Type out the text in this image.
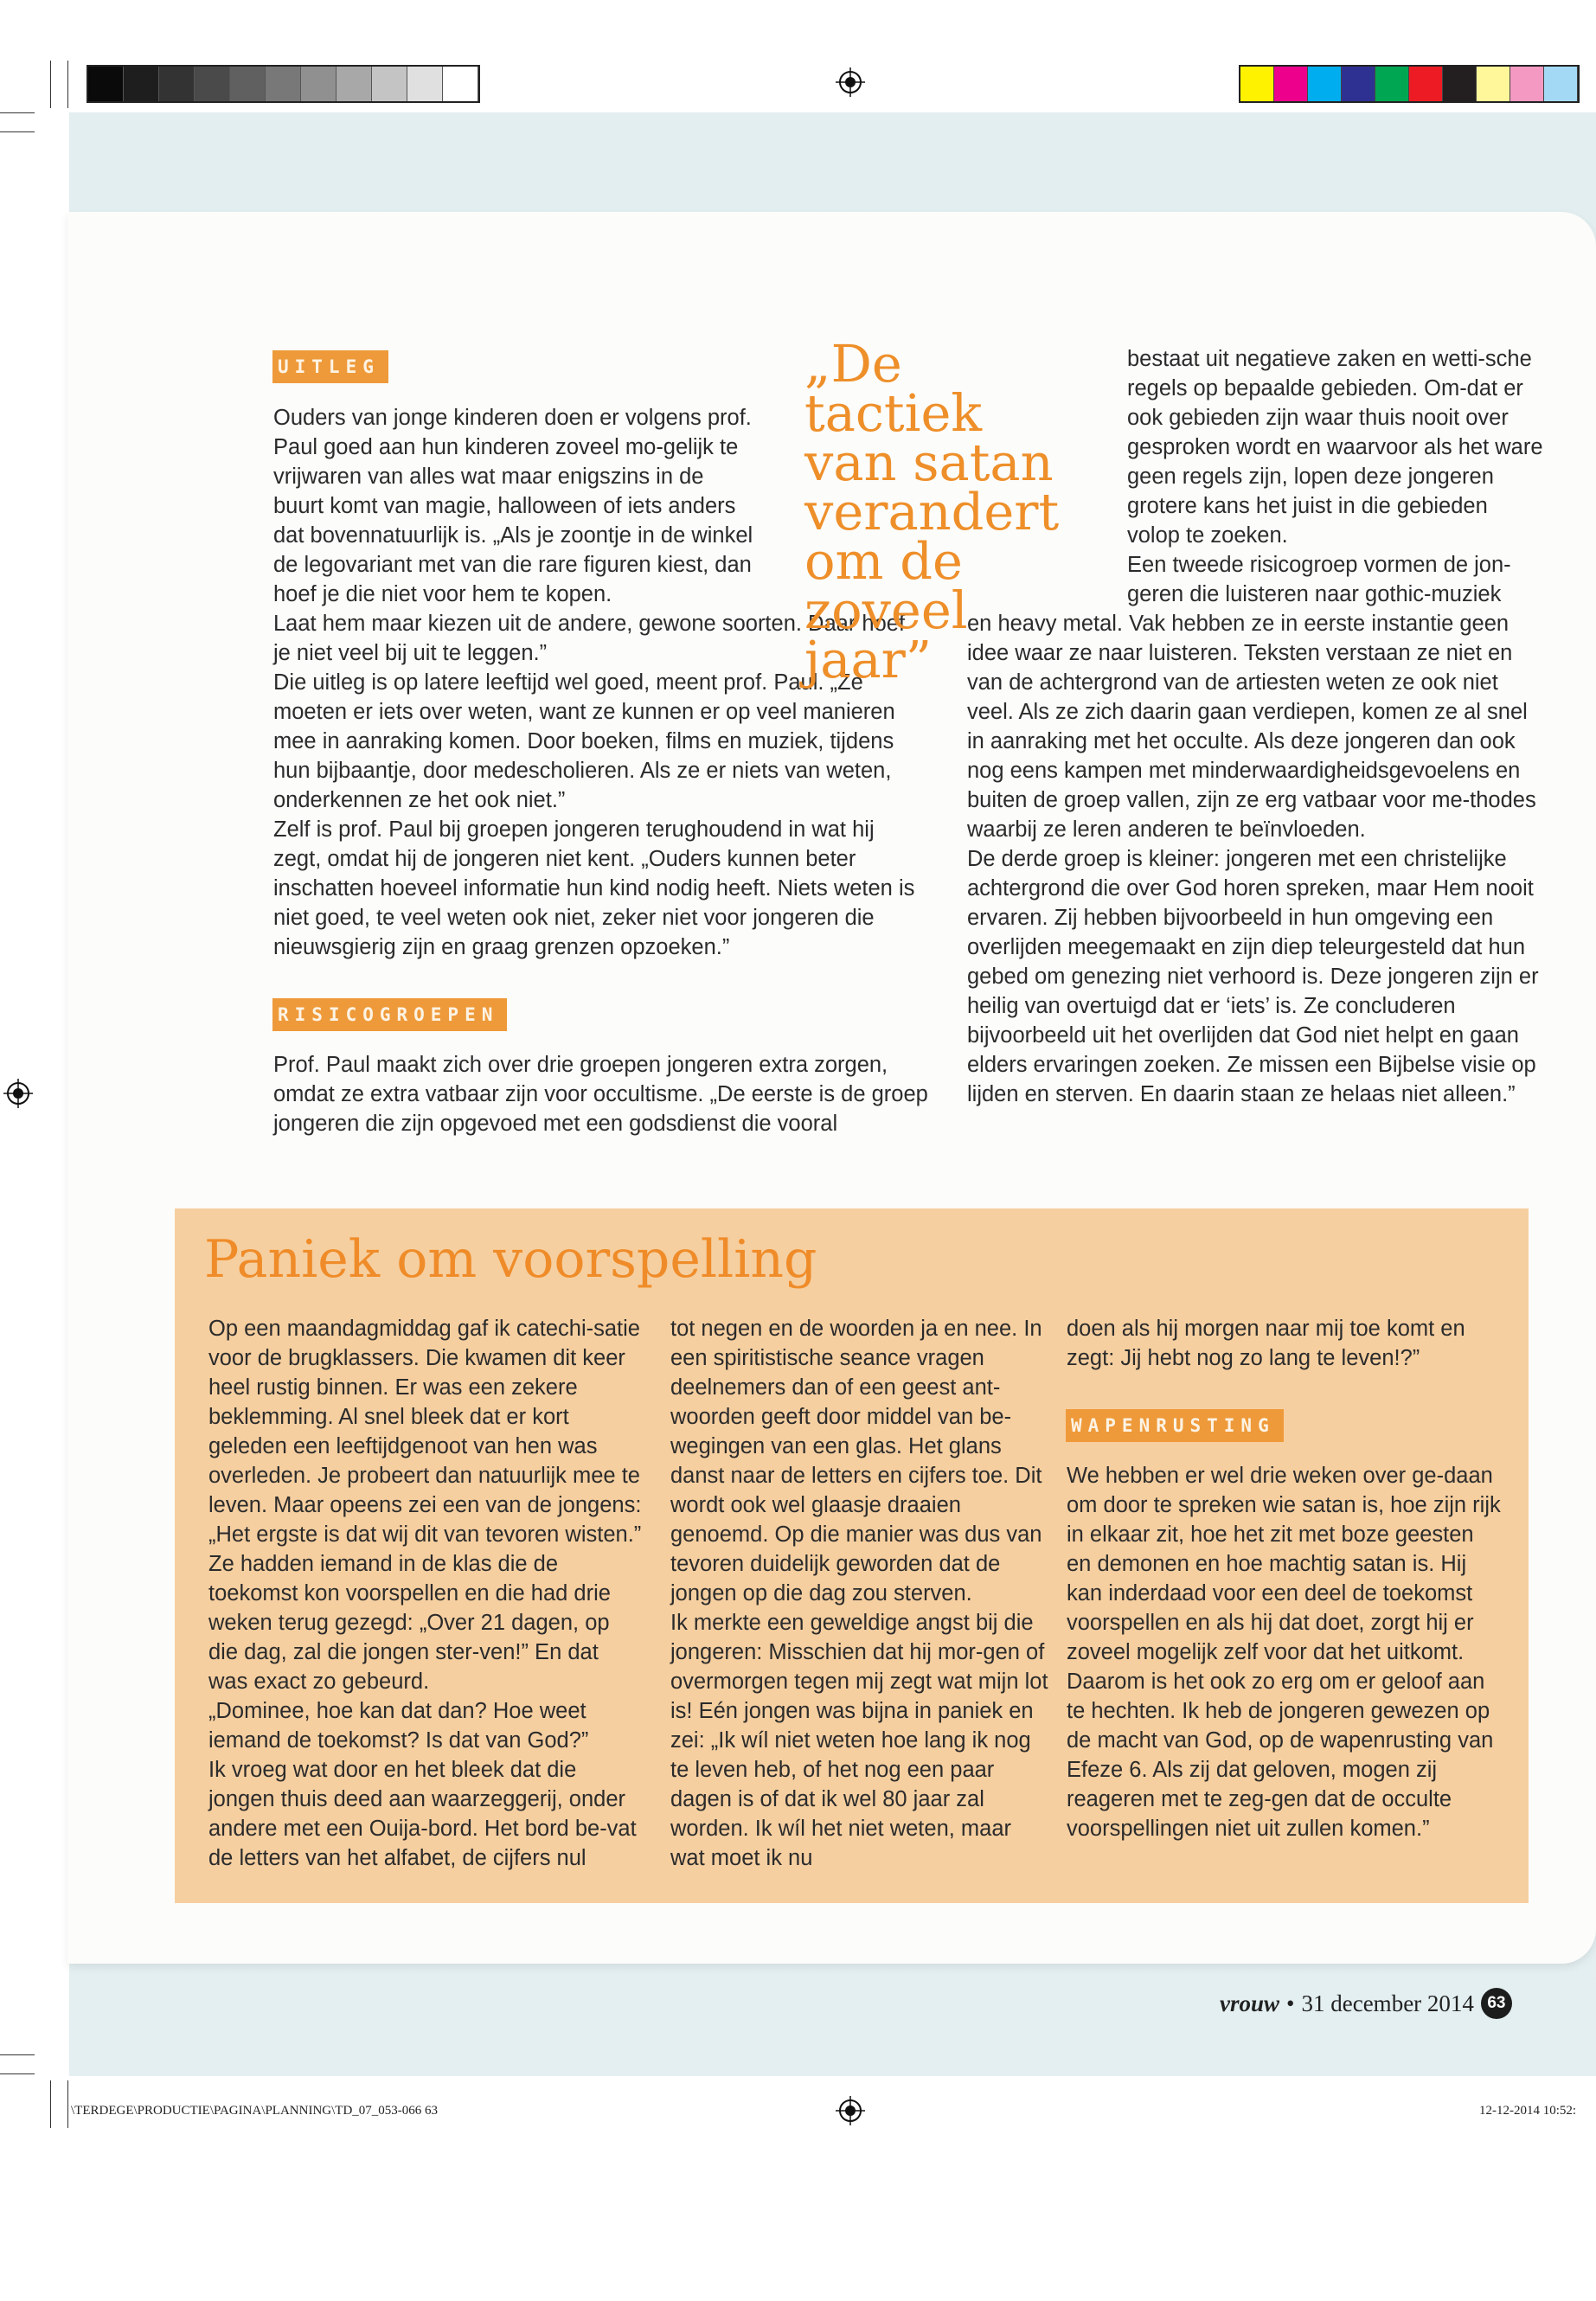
UITLEG

Ouders van jonge kinderen doen er volgens prof. Paul goed aan hun kinderen zoveel mo-gelijk te vrijwaren van alles wat maar enigszins in de buurt komt van magie, halloween of iets anders dat bovennatuurlijk is. „Als je zoontje in de winkel de legovariant met van die rare figuren kiest, dan hoef je die niet voor hem te kopen.

Laat hem maar kiezen uit de andere, gewone soorten. Daar hoef je niet veel bij uit te leggen.”

Die uitleg is op latere leeftijd wel goed, meent prof. Paul. „Ze moeten er iets over weten, want ze kunnen er op veel manieren mee in aanraking komen. Door boeken, films en muziek, tijdens hun bijbaantje, door medescholieren. Als ze er niets van weten, onderkennen ze het ook niet.”

Zelf is prof. Paul bij groepen jongeren terughoudend in wat hij zegt, omdat hij de jongeren niet kent. „Ouders kunnen beter inschatten hoeveel informatie hun kind nodig heeft. Niets weten is niet goed, te veel weten ook niet, zeker niet voor jongeren die nieuwsgierig zijn en graag grenzen opzoeken.”

RISICOGROEPEN

Prof. Paul maakt zich over drie groepen jongeren extra zorgen, omdat ze extra vatbaar zijn voor occultisme. „De eerste is de groep jongeren die zijn opgevoed met een godsdienst die vooral

„De tactiek
van satan
verandert
om de
zoveel jaar”

bestaat uit negatieve zaken en wetti-sche regels op bepaalde gebieden. Om-dat er ook gebieden zijn waar thuis nooit over gesproken wordt en waarvoor als het ware geen regels zijn, lopen deze jongeren grotere kans het juist in die gebieden volop te zoeken.

Een tweede risicogroep vormen de jon-geren die luisteren naar gothic-muziek

en heavy metal. Vak hebben ze in eerste instantie geen idee waar ze naar luisteren. Teksten verstaan ze niet en van de achtergrond van de artiesten weten ze ook niet veel. Als ze zich daarin gaan verdiepen, komen ze al snel in aanraking met het occulte. Als deze jongeren dan ook nog eens kampen met minderwaardigheidsgevoelens en buiten de groep vallen, zijn ze erg vatbaar voor me-thodes waarbij ze leren anderen te beïnvloeden.

De derde groep is kleiner: jongeren met een christelijke achtergrond die over God horen spreken, maar Hem nooit ervaren. Zij hebben bijvoorbeeld in hun omgeving een overlijden meegemaakt en zijn diep teleurgesteld dat hun gebed om genezing niet verhoord is. Deze jongeren zijn er heilig van overtuigd dat er ‘iets’ is. Ze concluderen bijvoorbeeld uit het overlijden dat God niet helpt en gaan elders ervaringen zoeken. Ze missen een Bijbelse visie op lijden en sterven. En daarin staan ze helaas niet alleen.”

Paniek om voorspelling

Op een maandagmiddag gaf ik catechi-satie voor de brugklassers. Die kwamen dit keer heel rustig binnen. Er was een zekere beklemming. Al snel bleek dat er kort geleden een leeftijdgenoot van hen was overleden. Je probeert dan natuurlijk mee te leven. Maar opeens zei een van de jongens: „Het ergste is dat wij dit van tevoren wisten.” Ze hadden iemand in de klas die de toekomst kon voorspellen en die had drie weken terug gezegd: „Over 21 dagen, op die dag, zal die jongen ster-ven!” En dat was exact zo gebeurd.

„Dominee, hoe kan dat dan? Hoe weet iemand de toekomst? Is dat van God?”

Ik vroeg wat door en het bleek dat die jongen thuis deed aan waarzeggerij, onder andere met een Ouija-bord. Het bord be-vat de letters van het alfabet, de cijfers nul

tot negen en de woorden ja en nee. In een spiritistische seance vragen deelnemers dan of een geest ant-woorden geeft door middel van be-wegingen van een glas. Het glans danst naar de letters en cijfers toe. Dit wordt ook wel glaasje draaien genoemd. Op die manier was dus van tevoren duidelijk geworden dat de jongen op die dag zou sterven.

Ik merkte een geweldige angst bij die jongeren: Misschien dat hij mor-gen of overmorgen tegen mij zegt wat mijn lot is! Eén jongen was bijna in paniek en zei: „Ik wíl niet weten hoe lang ik nog te leven heb, of het nog een paar dagen is of dat ik wel 80 jaar zal worden. Ik wíl het niet weten, maar wat moet ik nu

doen als hij morgen naar mij toe komt en zegt: Jij hebt nog zo lang te leven!?”

WAPENRUSTING

We hebben er wel drie weken over ge-daan om door te spreken wie satan is, hoe zijn rijk in elkaar zit, hoe het zit met boze geesten en demonen en hoe machtig satan is. Hij kan inderdaad voor een deel de toekomst voorspellen en als hij dat doet, zorgt hij er zoveel mogelijk zelf voor dat het uitkomt. Daarom is het ook zo erg om er geloof aan te hechten. Ik heb de jongeren gewezen op de macht van God, op de wapenrusting van Efeze 6. Als zij dat geloven, mogen zij reageren met te zeg-gen dat de occulte voorspellingen niet uit zullen komen.”

vrouw • 31 december 2014 63
\TERDEGE\PRODUCTIE\PAGINA\PLANNING\TD_07_053-066 63	12-12-2014 10:52:
